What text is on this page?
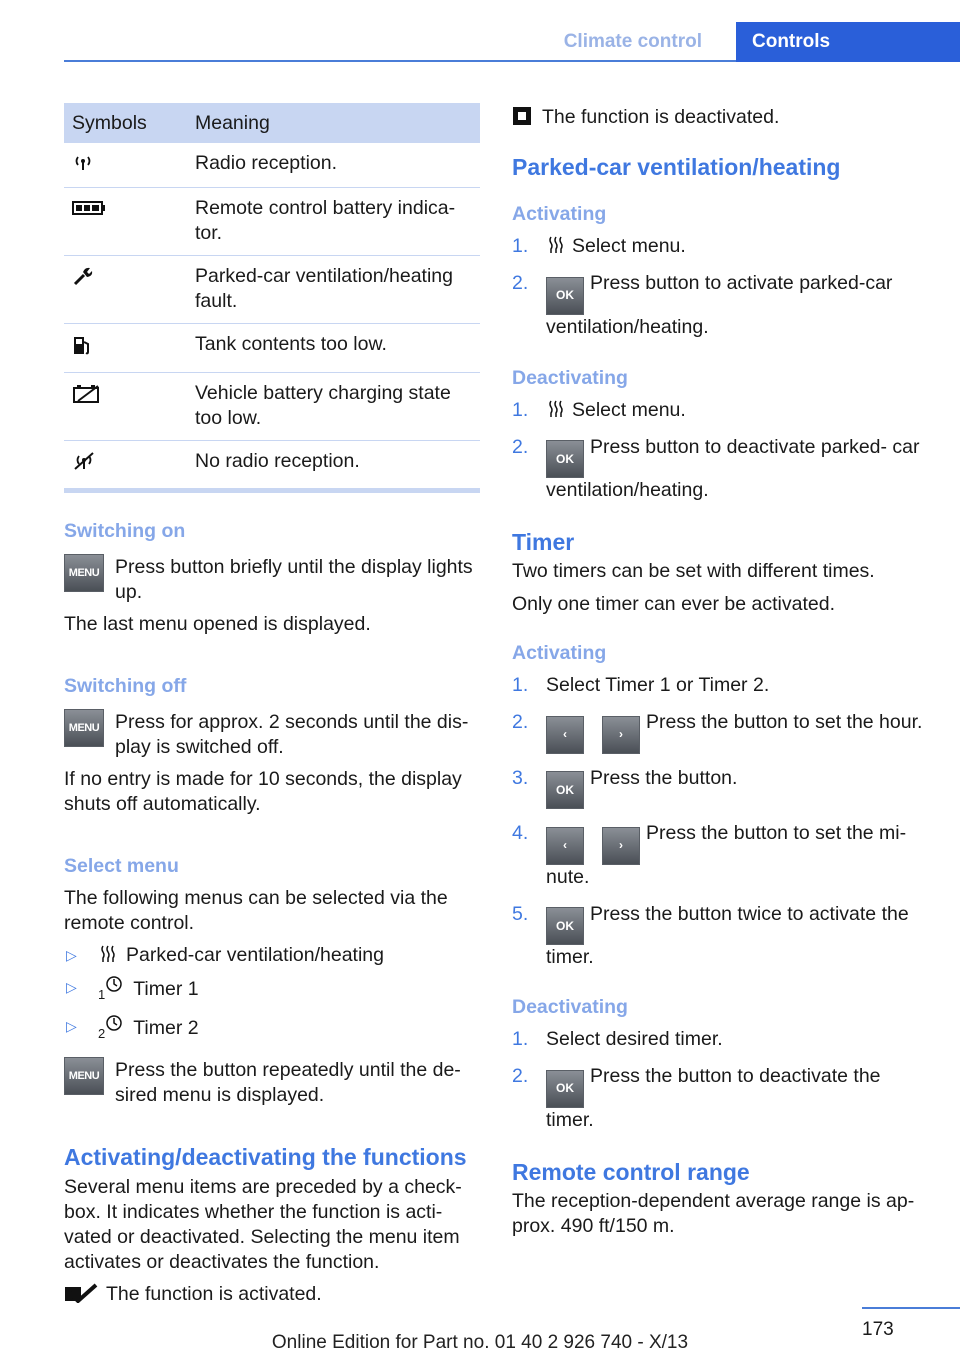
Climate control	Controls
Symbols	Meaning
	Radio reception.
	Remote control battery indica‐ tor.
	Parked-car ventilation/heating fault.
	Tank contents too low.
	Vehicle battery charging state too low.
	No radio reception.
Switching on
MENU Press button briefly until the display lights up.

The last menu opened is displayed.

Switching off
MENU Press for approx. 2 seconds until the dis‐ play is switched off.

If no entry is made for 10 seconds, the display shuts off automatically.

Select menu

The following menus can be selected via the remote control.

▷	Parked-car ventilation/heating
▷ $_1$ Timer 1
▷ $_2$ Timer 2
MENU Press the button repeatedly until the de‐ sired menu is displayed.

Activating/deactivating the functions

Several menu items are preceded by a check‐ box. It indicates whether the function is acti‐ vated or deactivated. Selecting the menu item activates or deactivates the function.

The function is activated.

The function is deactivated.

Parked-car ventilation/heating
Activating
1. Select menu.
2.
OKPress button to activate parked-car ventilation/heating.
Deactivating
1. Select menu.
2.
OKPress button to deactivate parked- car ventilation/heating.
Timer

Two timers can be set with different times.

Only one timer can ever be activated.

Activating
1. Select Timer 1 or Timer 2.
2.
‹	›Press the button to set the hour.
3.
OKPress the button.
4.
‹	›Press the button to set the mi‐ nute.
5.
OKPress the button twice to activate the timer.
Deactivating
1. Select desired timer.
2.
OKPress the button to deactivate the timer.
Remote control range

The reception-dependent average range is ap‐ prox. 490 ft/150 m.

173
Online Edition for Part no. 01 40 2 926 740 - X/13
